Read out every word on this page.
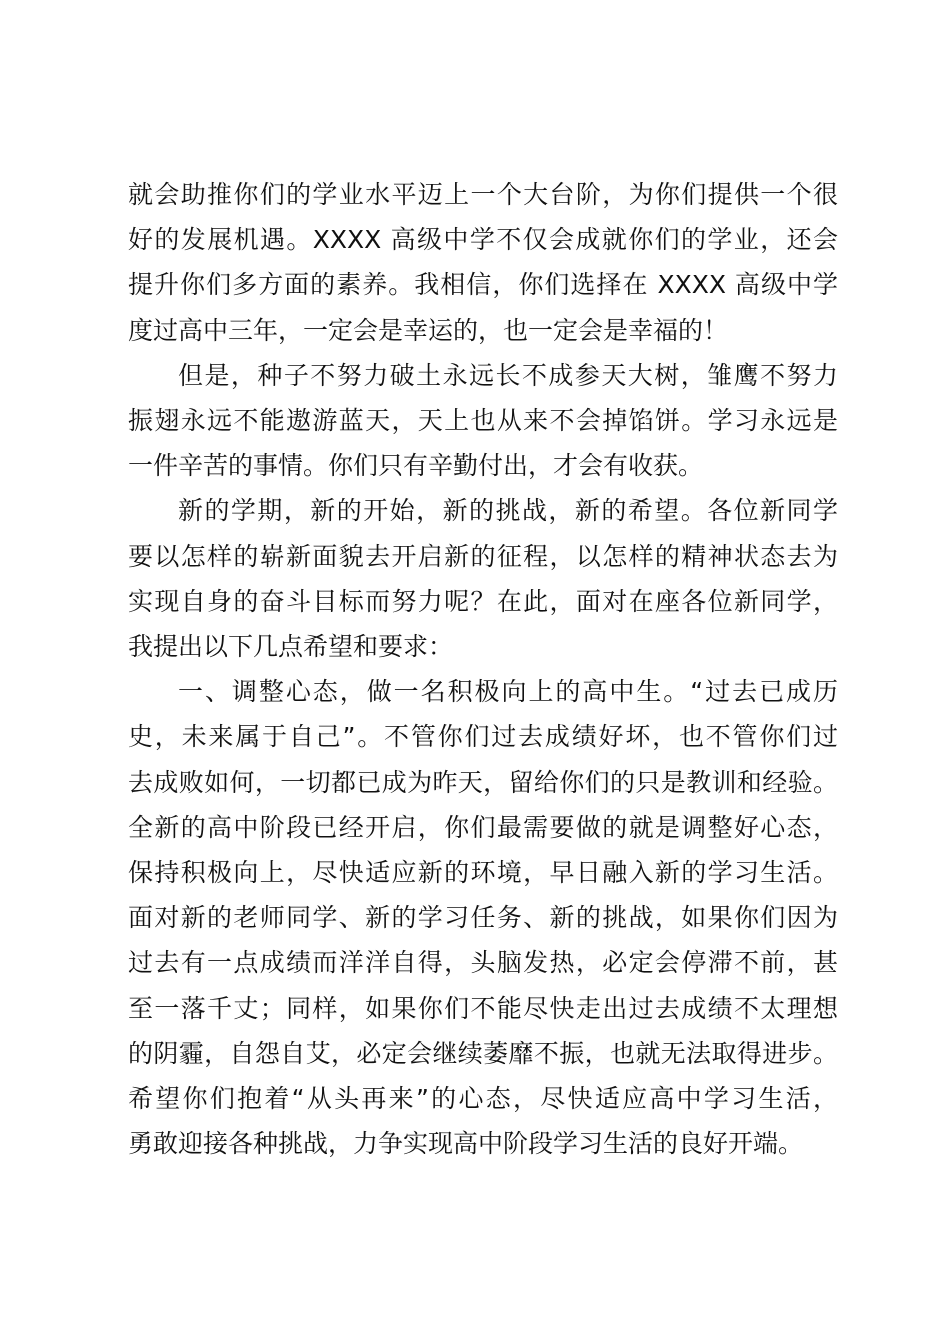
就会助推你们的学业水平迈上一个大台阶，为你们提供一个很
好的发展机遇。XXXX 高级中学不仅会成就你们的学业，还会
提升你们多方面的素养。我相信，你们选择在 XXXX 高级中学
度过高中三年，一定会是幸运的，也一定会是幸福的！

但是，种子不努力破土永远长不成参天大树，雏鹰不努力
振翅永远不能遨游蓝天，天上也从来不会掉馅饼。学习永远是
一件辛苦的事情。你们只有辛勤付出，才会有收获。

新的学期，新的开始，新的挑战，新的希望。各位新同学
要以怎样的崭新面貌去开启新的征程，以怎样的精神状态去为
实现自身的奋斗目标而努力呢？在此，面对在座各位新同学，
我提出以下几点希望和要求：

一、调整心态，做一名积极向上的高中生。“过去已成历
史，未来属于自己”。不管你们过去成绩好坏，也不管你们过
去成败如何，一切都已成为昨天，留给你们的只是教训和经验。
全新的高中阶段已经开启，你们最需要做的就是调整好心态，
保持积极向上，尽快适应新的环境，早日融入新的学习生活。
面对新的老师同学、新的学习任务、新的挑战，如果你们因为
过去有一点成绩而洋洋自得，头脑发热，必定会停滞不前，甚
至一落千丈；同样，如果你们不能尽快走出过去成绩不太理想
的阴霾，自怨自艾，必定会继续萎靡不振，也就无法取得进步。
希望你们抱着“从头再来”的心态，尽快适应高中学习生活，
勇敢迎接各种挑战，力争实现高中阶段学习生活的良好开端。
